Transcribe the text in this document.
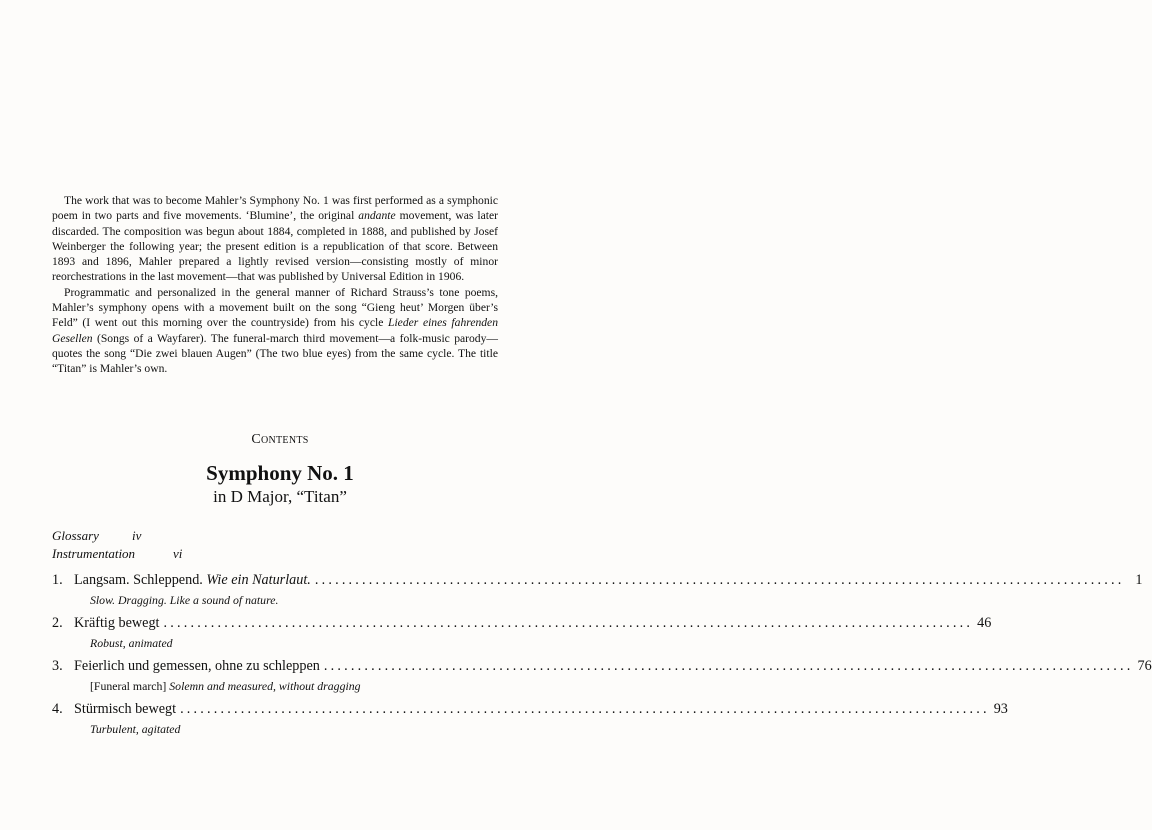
The work that was to become Mahler’s Symphony No. 1 was first performed as a symphonic poem in two parts and five movements. ‘Blumine’, the original andante movement, was later discarded. The composition was begun about 1884, completed in 1888, and published by Josef Weinberger the following year; the present edition is a republication of that score. Between 1893 and 1896, Mahler prepared a lightly revised version—consisting mostly of minor reorchestrations in the last movement—that was published by Universal Edition in 1906.

Programmatic and personalized in the general manner of Richard Strauss’s tone poems, Mahler’s symphony opens with a movement built on the song “Gieng heut’ Morgen über’s Feld” (I went out this morning over the countryside) from his cycle Lieder eines fahrenden Gesellen (Songs of a Wayfarer). The funeral-march third movement—a folk-music parody—quotes the song “Die zwei blauen Augen” (The two blue eyes) from the same cycle. The title “Titan” is Mahler’s own.

Contents
Symphony No. 1
in D Major, “Titan”
Glossary	iv
Instrumentation	vi
1. Langsam. Schleppend. Wie ein Naturlaut. ........................................................................................................................ 1
Slow. Dragging. Like a sound of nature.
2. Kräftig bewegt ........................................................................................................................ 46
Robust, animated
3. Feierlich und gemessen, ohne zu schleppen ........................................................................................................................ 76
[Funeral march] Solemn and measured, without dragging
4. Stürmisch bewegt ........................................................................................................................ 93
Turbulent, agitated
